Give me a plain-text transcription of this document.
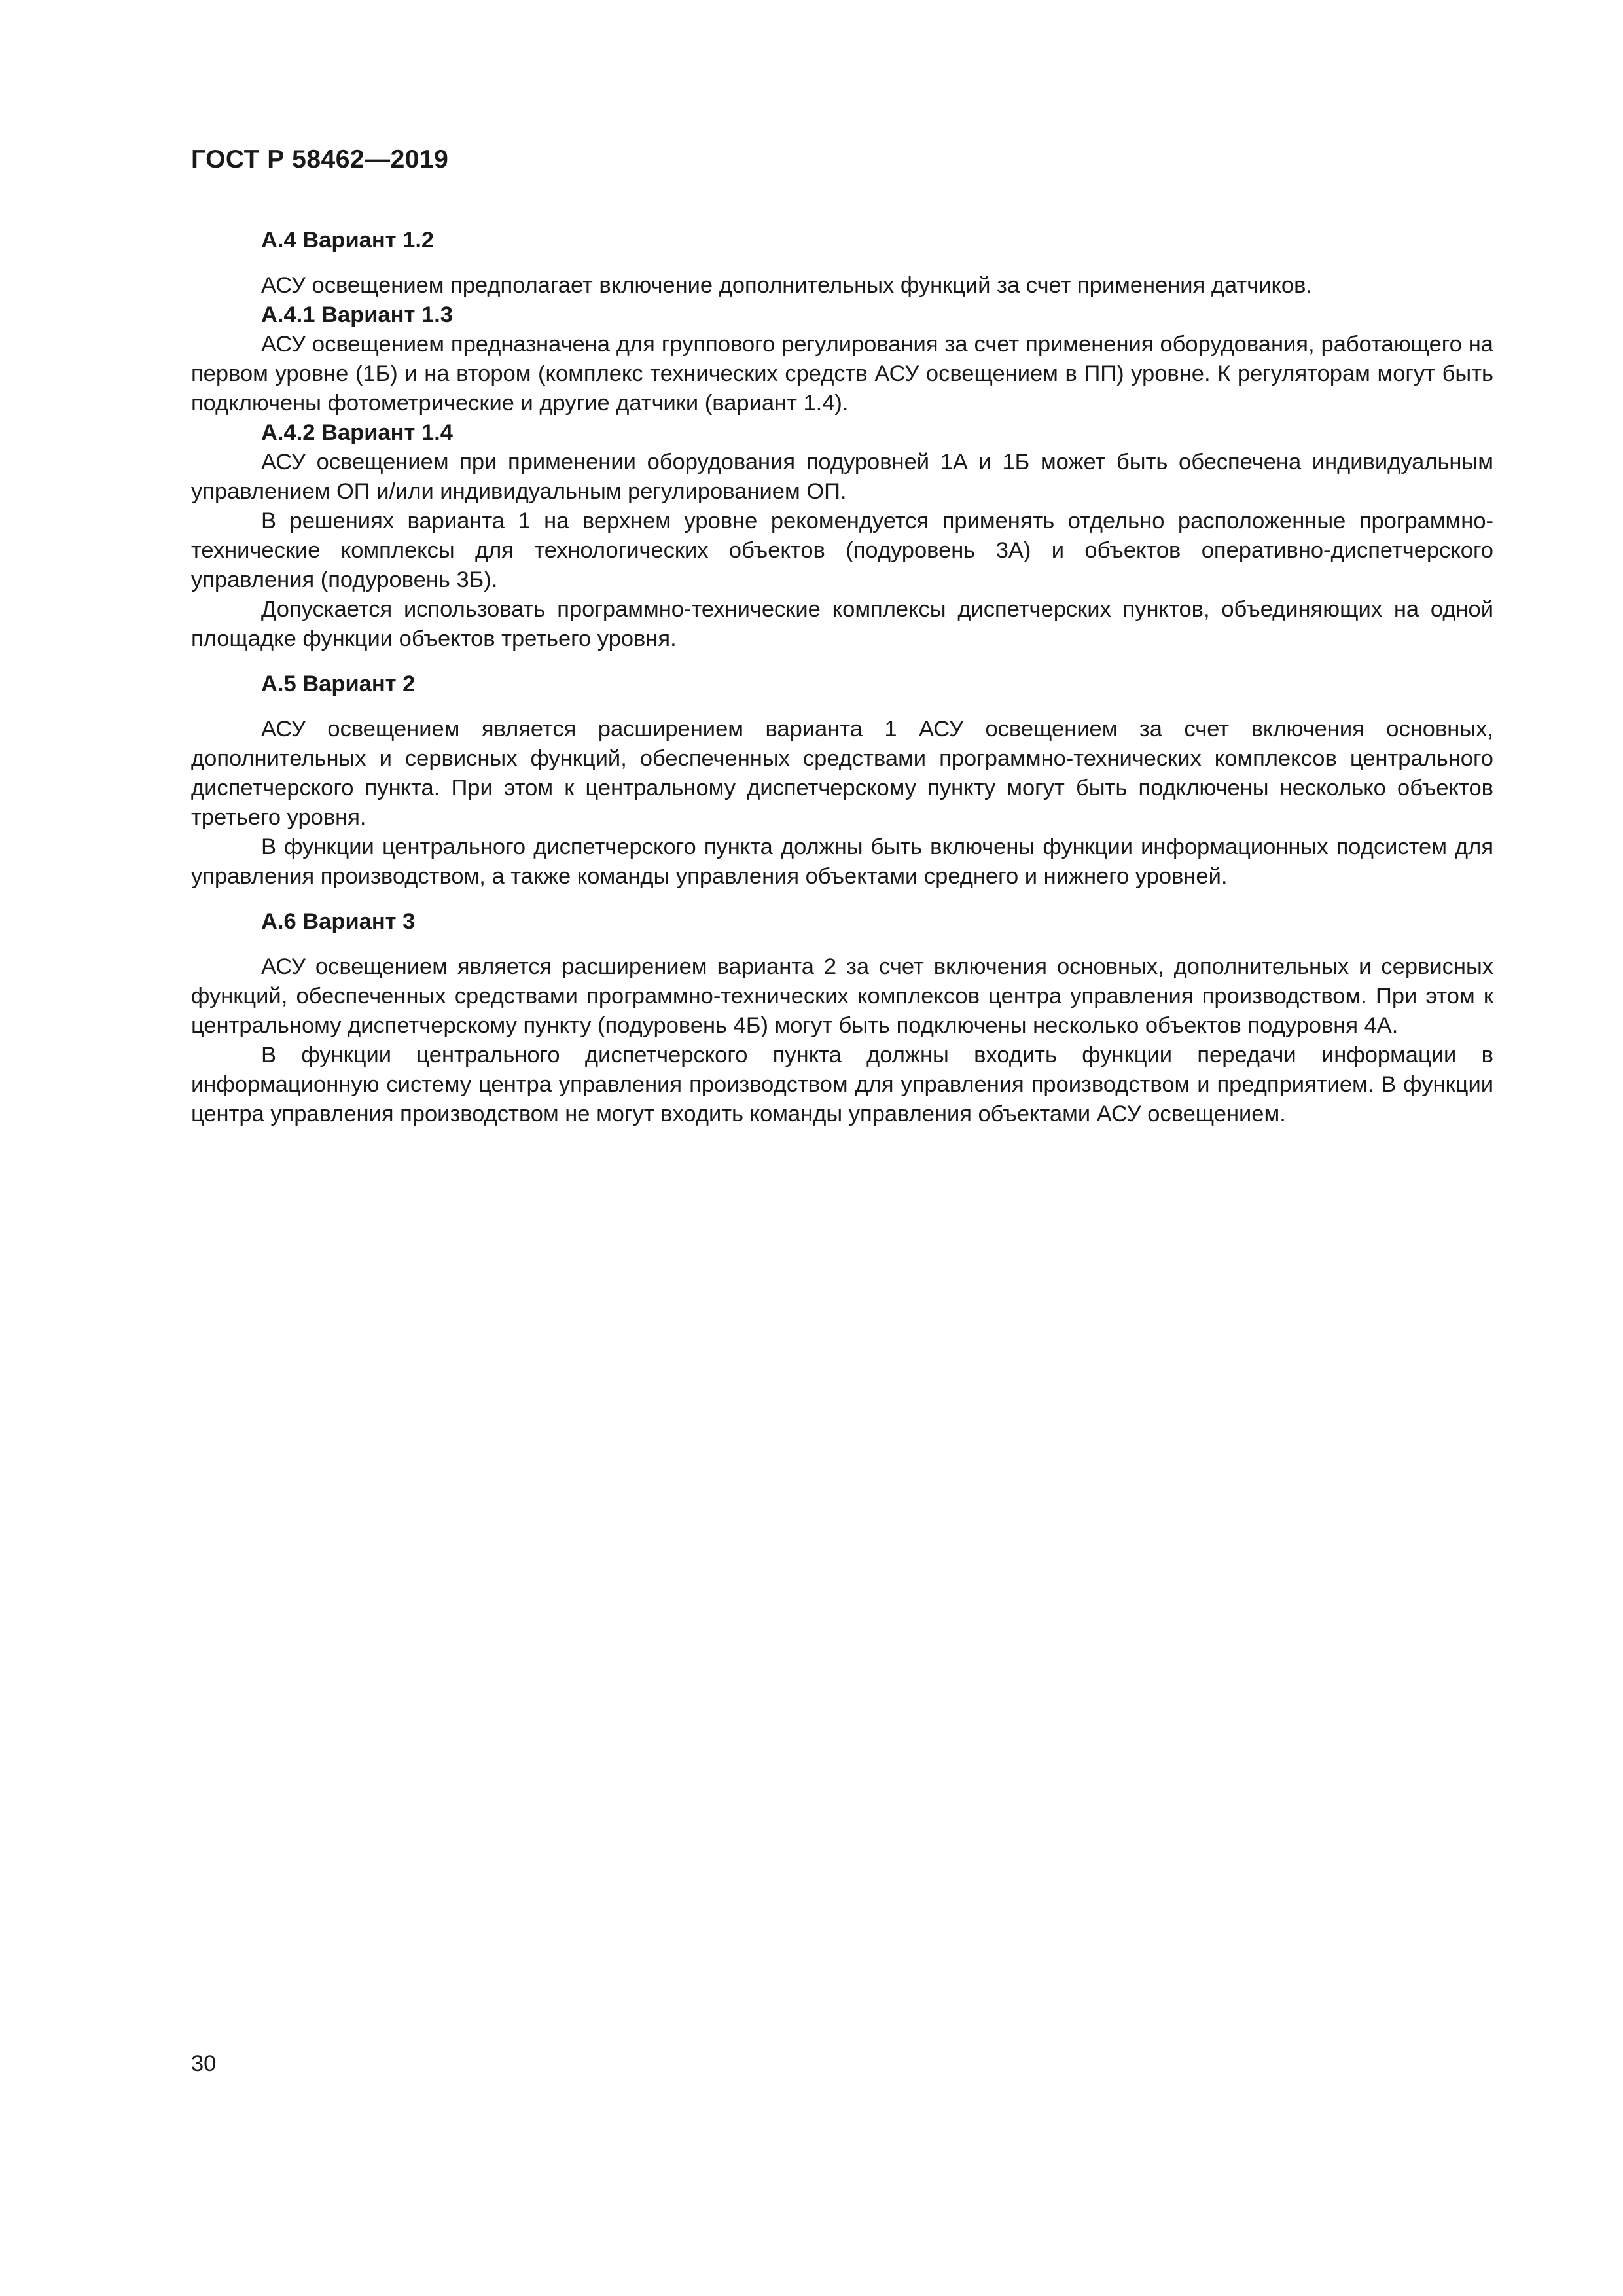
ГОСТ Р 58462—2019
А.4 Вариант 1.2

АСУ освещением предполагает включение дополнительных функций за счет применения датчиков.

А.4.1 Вариант 1.3

АСУ освещением предназначена для группового регулирования за счет применения оборудования, работающего на первом уровне (1Б) и на втором (комплекс технических средств АСУ освещением в ПП) уровне. К регуляторам могут быть подключены фотометрические и другие датчики (вариант 1.4).

А.4.2 Вариант 1.4

АСУ освещением при применении оборудования подуровней 1А и 1Б может быть обеспечена индивидуальным управлением ОП и/или индивидуальным регулированием ОП.

В решениях варианта 1 на верхнем уровне рекомендуется применять отдельно расположенные программно-технические комплексы для технологических объектов (подуровень 3А) и объектов оперативно-диспетчерского управления (подуровень 3Б).

Допускается использовать программно-технические комплексы диспетчерских пунктов, объединяющих на одной площадке функции объектов третьего уровня.

А.5 Вариант 2

АСУ освещением является расширением варианта 1 АСУ освещением за счет включения основных, дополнительных и сервисных функций, обеспеченных средствами программно-технических комплексов центрального диспетчерского пункта. При этом к центральному диспетчерскому пункту могут быть подключены несколько объектов третьего уровня.

В функции центрального диспетчерского пункта должны быть включены функции информационных подсистем для управления производством, а также команды управления объектами среднего и нижнего уровней.

А.6 Вариант 3

АСУ освещением является расширением варианта 2 за счет включения основных, дополнительных и сервисных функций, обеспеченных средствами программно-технических комплексов центра управления производством. При этом к центральному диспетчерскому пункту (подуровень 4Б) могут быть подключены несколько объектов подуровня 4А.

В функции центрального диспетчерского пункта должны входить функции передачи информации в информационную систему центра управления производством для управления производством и предприятием. В функции центра управления производством не могут входить команды управления объектами АСУ освещением.

30
